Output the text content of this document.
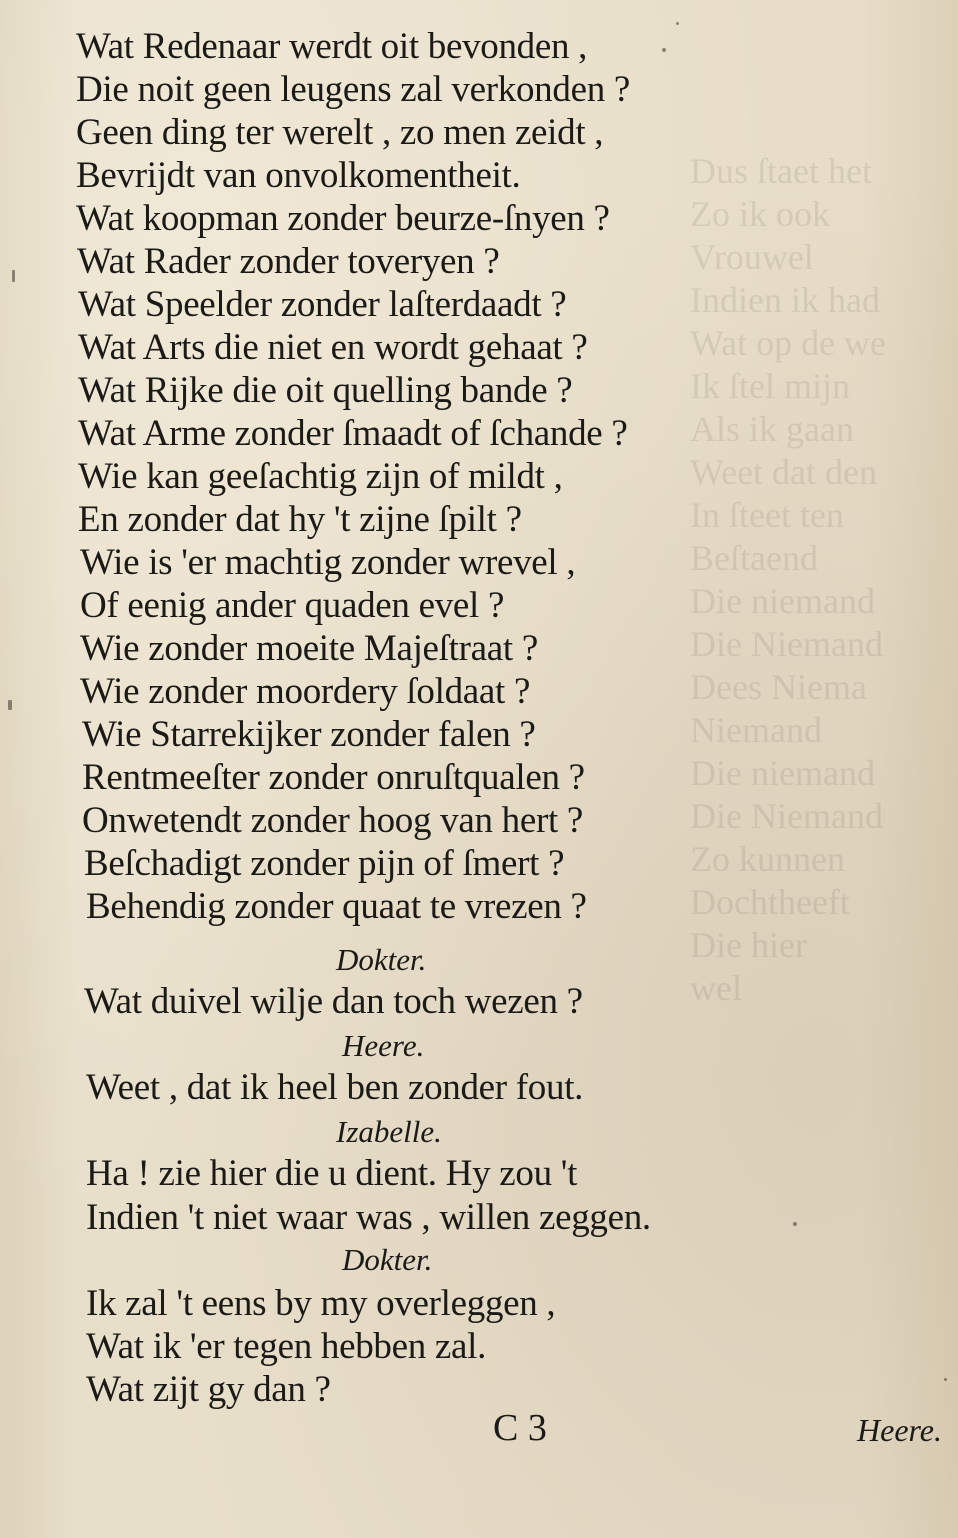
Dus ſtaet het
Zo ik ook
Vrouwel
Indien ik had
Wat op de we
Ik ſtel mijn
Als ik gaan
Weet dat den
In ſteet ten
Beſtaend
Die niemand
Die Niemand
Dees Niema
Niemand
Die niemand
Die Niemand
Zo kunnen
Dochtheeft
Die hier
wel
Wat Redenaar werdt oit bevonden ,
Die noit geen leugens zal verkonden ?
Geen ding ter werelt , zo men zeidt ,
Bevrijdt van onvolkomentheit.
Wat koopman zonder beurze-ſnyen ?
Wat Rader zonder toveryen ?
Wat Speelder zonder laſterdaadt ?
Wat Arts die niet en wordt gehaat ?
Wat Rijke die oit quelling bande ?
Wat Arme zonder ſmaadt of ſchande ?
Wie kan geeſachtig zijn of mildt ,
En zonder dat hy 't zijne ſpilt ?
Wie is 'er machtig zonder wrevel ,
Of eenig ander quaden evel ?
Wie zonder moeite Majeſtraat ?
Wie zonder moordery ſoldaat ?
Wie Starrekijker zonder falen ?
Rentmeeſter zonder onruſtqualen ?
Onwetendt zonder hoog van hert ?
Beſchadigt zonder pijn of ſmert ?
Behendig zonder quaat te vrezen ?
Dokter.
Wat duivel wilje dan toch wezen ?
Heere.
Weet , dat ik heel ben zonder fout.
Izabelle.
Ha ! zie hier die u dient. Hy zou 't
Indien 't niet waar was , willen zeggen.
Dokter.
Ik zal 't eens by my overleggen ,
Wat ik 'er tegen hebben zal.
Wat zijt gy dan ?
C 3	Heere.
